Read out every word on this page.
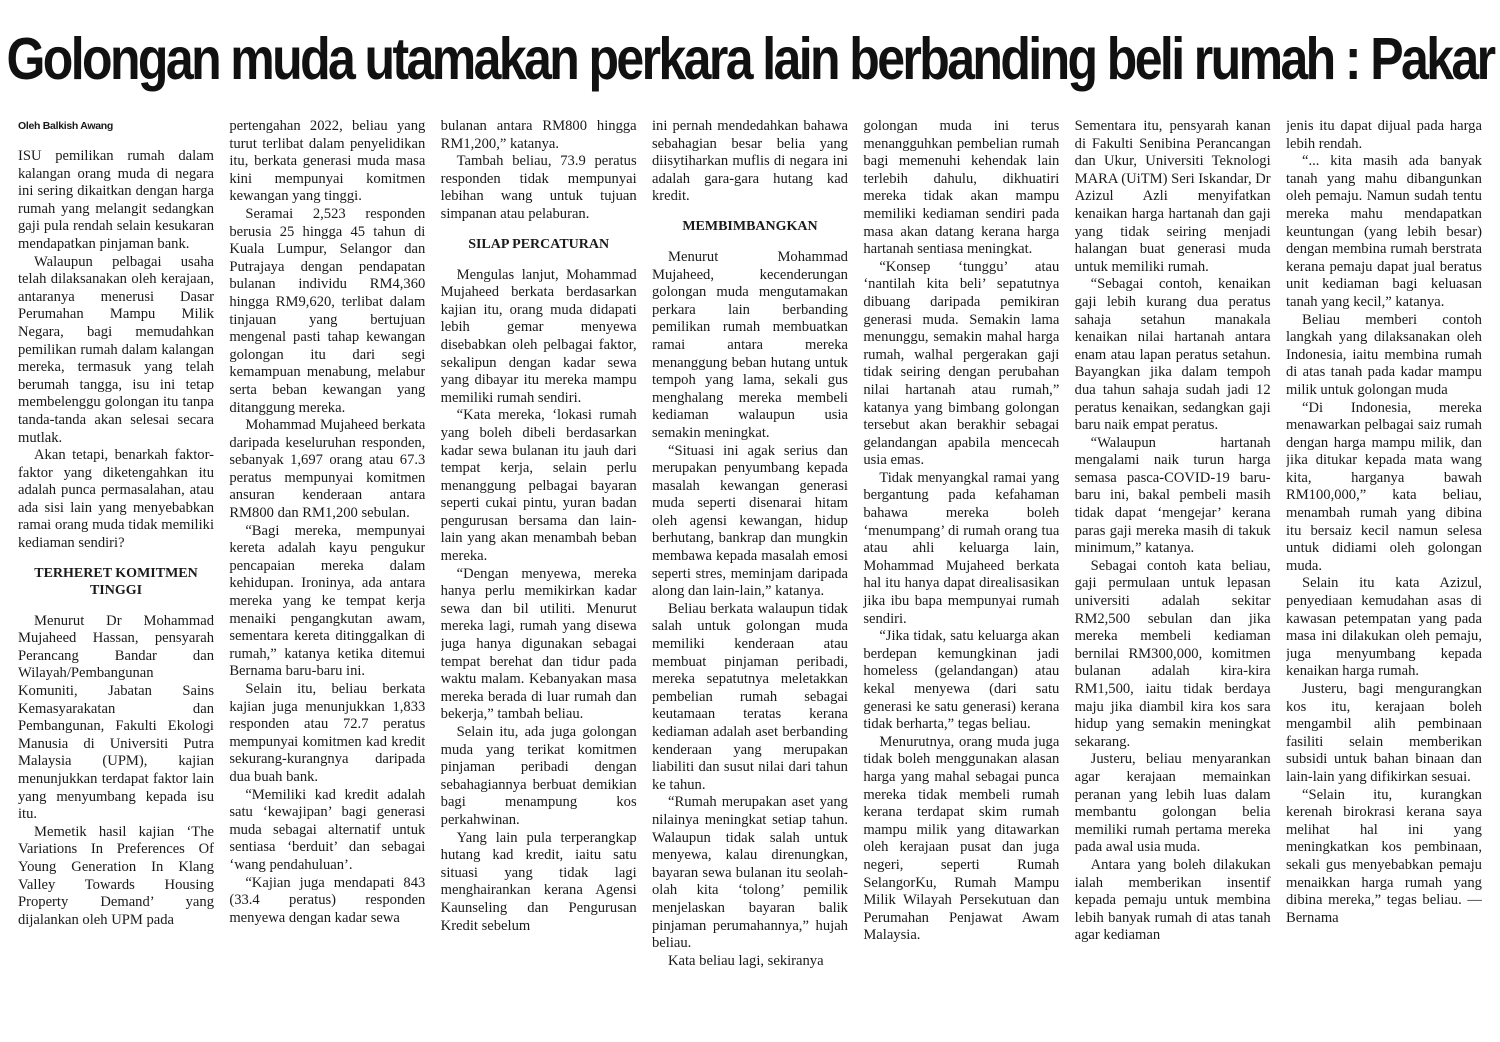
Golongan muda utamakan perkara lain berbanding beli rumah : Pakar
Oleh Balkish Awang

ISU pemilikan rumah dalam kalangan orang muda di negara ini sering dikaitkan dengan harga rumah yang melangit sedangkan gaji pula rendah selain kesukaran mendapatkan pinjaman bank.

Walaupun pelbagai usaha telah dilaksanakan oleh kerajaan, antaranya menerusi Dasar Perumahan Mampu Milik Negara, bagi memudahkan pemilikan rumah dalam kalangan mereka, termasuk yang telah berumah tangga, isu ini tetap membelenggu golongan itu tanpa tanda-tanda akan selesai secara mutlak.

Akan tetapi, benarkah faktor-faktor yang diketengahkan itu adalah punca permasalahan, atau ada sisi lain yang menyebabkan ramai orang muda tidak memiliki kediaman sendiri?

TERHERET KOMITMEN TINGGI

Menurut Dr Mohammad Mujaheed Hassan, pensyarah Perancang Bandar dan Wilayah/Pembangunan Komuniti, Jabatan Sains Kemasyarakatan dan Pembangunan, Fakulti Ekologi Manusia di Universiti Putra Malaysia (UPM), kajian menunjukkan terdapat faktor lain yang menyumbang kepada isu itu.

Memetik hasil kajian ‘The Variations In Preferences Of Young Generation In Klang Valley Towards Housing Property Demand’ yang dijalankan oleh UPM pada

pertengahan 2022, beliau yang turut terlibat dalam penyelidikan itu, berkata generasi muda masa kini mempunyai komitmen kewangan yang tinggi.

Seramai 2,523 responden berusia 25 hingga 45 tahun di Kuala Lumpur, Selangor dan Putrajaya dengan pendapatan bulanan individu RM4,360 hingga RM9,620, terlibat dalam tinjauan yang bertujuan mengenal pasti tahap kewangan golongan itu dari segi kemampuan menabung, melabur serta beban kewangan yang ditanggung mereka.

Mohammad Mujaheed berkata daripada keseluruhan responden, sebanyak 1,697 orang atau 67.3 peratus mempunyai komitmen ansuran kenderaan antara RM800 dan RM1,200 sebulan.

“Bagi mereka, mempunyai kereta adalah kayu pengukur pencapaian mereka dalam kehidupan. Ironinya, ada antara mereka yang ke tempat kerja menaiki pengangkutan awam, sementara kereta ditinggalkan di rumah,” katanya ketika ditemui Bernama baru-baru ini.

Selain itu, beliau berkata kajian juga menunjukkan 1,833 responden atau 72.7 peratus mempunyai komitmen kad kredit sekurang-kurangnya daripada dua buah bank.

“Memiliki kad kredit adalah satu ‘kewajipan’ bagi generasi muda sebagai alternatif untuk sentiasa ‘berduit’ dan sebagai ‘wang pendahuluan’.

“Kajian juga mendapati 843 (33.4 peratus) responden menyewa dengan kadar sewa

bulanan antara RM800 hingga RM1,200,” katanya.

Tambah beliau, 73.9 peratus responden tidak mempunyai lebihan wang untuk tujuan simpanan atau pelaburan.

SILAP PERCATURAN

Mengulas lanjut, Mohammad Mujaheed berkata berdasarkan kajian itu, orang muda didapati lebih gemar menyewa disebabkan oleh pelbagai faktor, sekalipun dengan kadar sewa yang dibayar itu mereka mampu memiliki rumah sendiri.

“Kata mereka, ‘lokasi rumah yang boleh dibeli berdasarkan kadar sewa bulanan itu jauh dari tempat kerja, selain perlu menanggung pelbagai bayaran seperti cukai pintu, yuran badan pengurusan bersama dan lain-lain yang akan menambah beban mereka.

“Dengan menyewa, mereka hanya perlu memikirkan kadar sewa dan bil utiliti. Menurut mereka lagi, rumah yang disewa juga hanya digunakan sebagai tempat berehat dan tidur pada waktu malam. Kebanyakan masa mereka berada di luar rumah dan bekerja,” tambah beliau.

Selain itu, ada juga golongan muda yang terikat komitmen pinjaman peribadi dengan sebahagiannya berbuat demikian bagi menampung kos perkahwinan.

Yang lain pula terperangkap hutang kad kredit, iaitu satu situasi yang tidak lagi menghairankan kerana Agensi Kaunseling dan Pengurusan Kredit sebelum

ini pernah mendedahkan bahawa sebahagian besar belia yang diisytiharkan muflis di negara ini adalah gara-gara hutang kad kredit.

MEMBIMBANGKAN

Menurut Mohammad Mujaheed, kecenderungan golongan muda mengutamakan perkara lain berbanding pemilikan rumah membuatkan ramai antara mereka menanggung beban hutang untuk tempoh yang lama, sekali gus menghalang mereka membeli kediaman walaupun usia semakin meningkat.

“Situasi ini agak serius dan merupakan penyumbang kepada masalah kewangan generasi muda seperti disenarai hitam oleh agensi kewangan, hidup berhutang, bankrap dan mungkin membawa kepada masalah emosi seperti stres, meminjam daripada along dan lain-lain,” katanya.

Beliau berkata walaupun tidak salah untuk golongan muda memiliki kenderaan atau membuat pinjaman peribadi, mereka sepatutnya meletakkan pembelian rumah sebagai keutamaan teratas kerana kediaman adalah aset berbanding kenderaan yang merupakan liabiliti dan susut nilai dari tahun ke tahun.

“Rumah merupakan aset yang nilainya meningkat setiap tahun. Walaupun tidak salah untuk menyewa, kalau direnungkan, bayaran sewa bulanan itu seolah-olah kita ‘tolong’ pemilik menjelaskan bayaran balik pinjaman perumahannya,” hujah beliau.

Kata beliau lagi, sekiranya

golongan muda ini terus menangguhkan pembelian rumah bagi memenuhi kehendak lain terlebih dahulu, dikhuatiri mereka tidak akan mampu memiliki kediaman sendiri pada masa akan datang kerana harga hartanah sentiasa meningkat.

“Konsep ‘tunggu’ atau ‘nantilah kita beli’ sepatutnya dibuang daripada pemikiran generasi muda. Semakin lama menunggu, semakin mahal harga rumah, walhal pergerakan gaji tidak seiring dengan perubahan nilai hartanah atau rumah,” katanya yang bimbang golongan tersebut akan berakhir sebagai gelandangan apabila mencecah usia emas.

Tidak menyangkal ramai yang bergantung pada kefahaman bahawa mereka boleh ‘menumpang’ di rumah orang tua atau ahli keluarga lain, Mohammad Mujaheed berkata hal itu hanya dapat direalisasikan jika ibu bapa mempunyai rumah sendiri.

“Jika tidak, satu keluarga akan berdepan kemungkinan jadi homeless (gelandangan) atau kekal menyewa (dari satu generasi ke satu generasi) kerana tidak berharta,” tegas beliau.

Menurutnya, orang muda juga tidak boleh menggunakan alasan harga yang mahal sebagai punca mereka tidak membeli rumah kerana terdapat skim rumah mampu milik yang ditawarkan oleh kerajaan pusat dan juga negeri, seperti Rumah SelangorKu, Rumah Mampu Milik Wilayah Persekutuan dan Perumahan Penjawat Awam Malaysia.

Sementara itu, pensyarah kanan di Fakulti Senibina Perancangan dan Ukur, Universiti Teknologi MARA (UiTM) Seri Iskandar, Dr Azizul Azli menyifatkan kenaikan harga hartanah dan gaji yang tidak seiring menjadi halangan buat generasi muda untuk memiliki rumah.

“Sebagai contoh, kenaikan gaji lebih kurang dua peratus sahaja setahun manakala kenaikan nilai hartanah antara enam atau lapan peratus setahun. Bayangkan jika dalam tempoh dua tahun sahaja sudah jadi 12 peratus kenaikan, sedangkan gaji baru naik empat peratus.

“Walaupun hartanah mengalami naik turun harga semasa pasca-COVID-19 baru-baru ini, bakal pembeli masih tidak dapat ‘mengejar’ kerana paras gaji mereka masih di takuk minimum,” katanya.

Sebagai contoh kata beliau, gaji permulaan untuk lepasan universiti adalah sekitar RM2,500 sebulan dan jika mereka membeli kediaman bernilai RM300,000, komitmen bulanan adalah kira-kira RM1,500, iaitu tidak berdaya maju jika diambil kira kos sara hidup yang semakin meningkat sekarang.

Justeru, beliau menyarankan agar kerajaan memainkan peranan yang lebih luas dalam membantu golongan belia memiliki rumah pertama mereka pada awal usia muda.

Antara yang boleh dilakukan ialah memberikan insentif kepada pemaju untuk membina lebih banyak rumah di atas tanah agar kediaman

jenis itu dapat dijual pada harga lebih rendah.

“... kita masih ada banyak tanah yang mahu dibangunkan oleh pemaju. Namun sudah tentu mereka mahu mendapatkan keuntungan (yang lebih besar) dengan membina rumah berstrata kerana pemaju dapat jual beratus unit kediaman bagi keluasan tanah yang kecil,” katanya.

Beliau memberi contoh langkah yang dilaksanakan oleh Indonesia, iaitu membina rumah di atas tanah pada kadar mampu milik untuk golongan muda

“Di Indonesia, mereka menawarkan pelbagai saiz rumah dengan harga mampu milik, dan jika ditukar kepada mata wang kita, harganya bawah RM100,000,” kata beliau, menambah rumah yang dibina itu bersaiz kecil namun selesa untuk didiami oleh golongan muda.

Selain itu kata Azizul, penyediaan kemudahan asas di kawasan petempatan yang pada masa ini dilakukan oleh pemaju, juga menyumbang kepada kenaikan harga rumah.

Justeru, bagi mengurangkan kos itu, kerajaan boleh mengambil alih pembinaan fasiliti selain memberikan subsidi untuk bahan binaan dan lain-lain yang difikirkan sesuai.

“Selain itu, kurangkan kerenah birokrasi kerana saya melihat hal ini yang meningkatkan kos pembinaan, sekali gus menyebabkan pemaju menaikkan harga rumah yang dibina mereka,” tegas beliau. — Bernama
